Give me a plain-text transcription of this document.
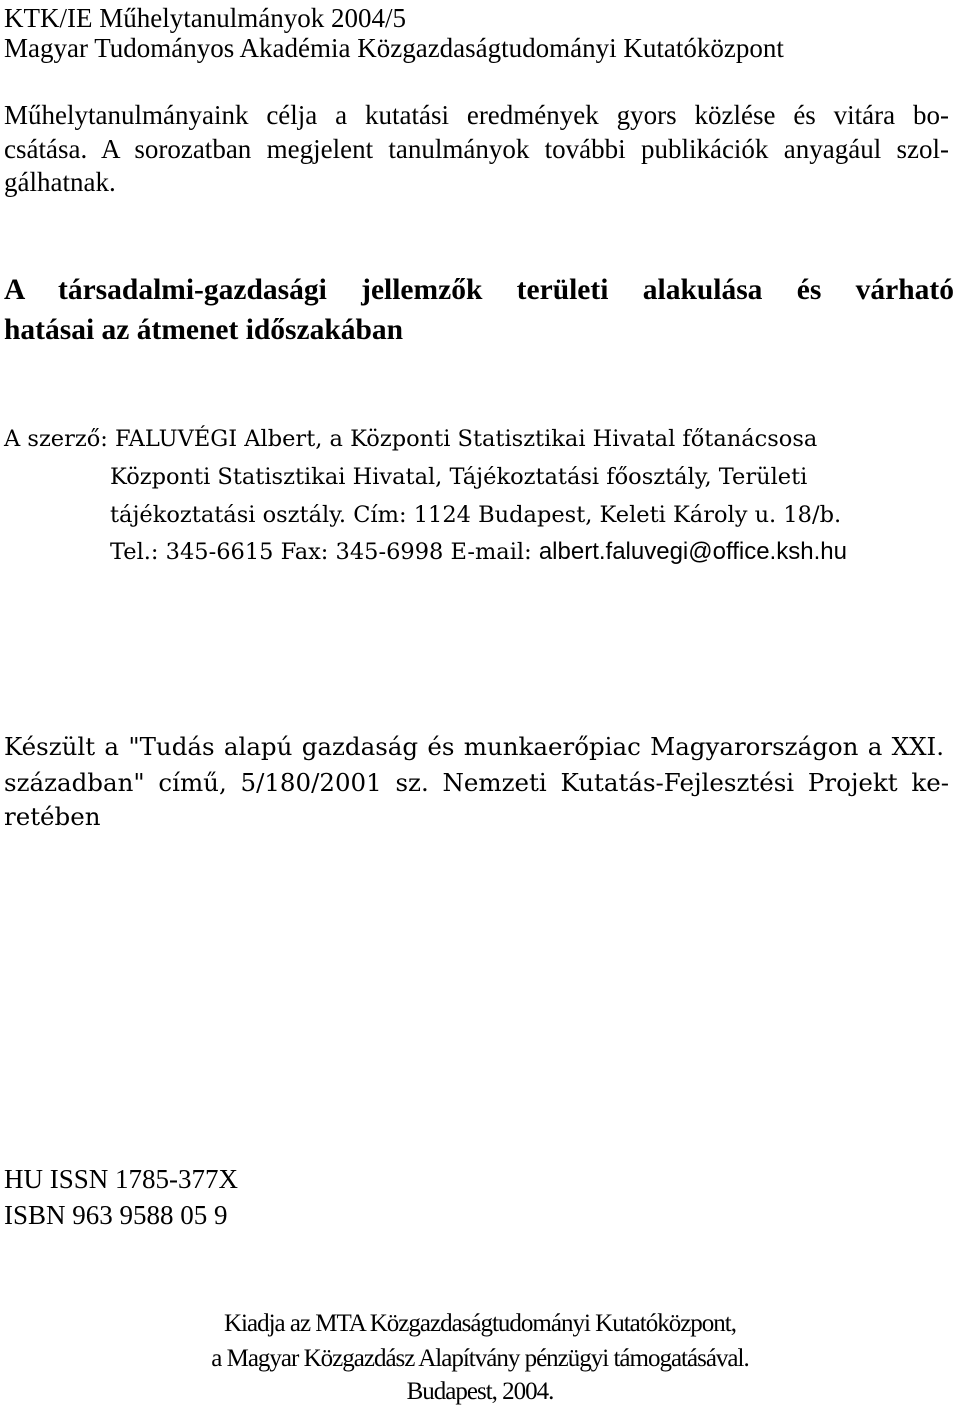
KTK/IE Műhelytanulmányok 2004/5
Magyar Tudományos Akadémia Közgazdaságtudományi Kutatóközpont
Műhelytanulmányaink célja a kutatási eredmények gyors közlése és vitára bo-
csátása. A sorozatban megjelent tanulmányok további publikációk anyagául szol-
gálhatnak.
A társadalmi-gazdasági jellemzők területi alakulása és várható
hatásai az átmenet időszakában
A szerző: FALUVÉGI Albert, a Központi Statisztikai Hivatal főtanácsosa
Központi Statisztikai Hivatal, Tájékoztatási főosztály, Területi
tájékoztatási osztály. Cím: 1124 Budapest, Keleti Károly u. 18/b.
Tel.: 345-6615 Fax: 345-6998 E-mail: albert.faluvegi@office.ksh.hu
Készült a "Tudás alapú gazdaság és munkaerőpiac Magyarországon a XXI.
században" című, 5/180/2001 sz. Nemzeti Kutatás-Fejlesztési Projekt ke-
retében
HU ISSN 1785-377X
ISBN 963 9588 05 9
Kiadja az MTA Közgazdaságtudományi Kutatóközpont,
a Magyar Közgazdász Alapítvány pénzügyi támogatásával.
Budapest, 2004.
